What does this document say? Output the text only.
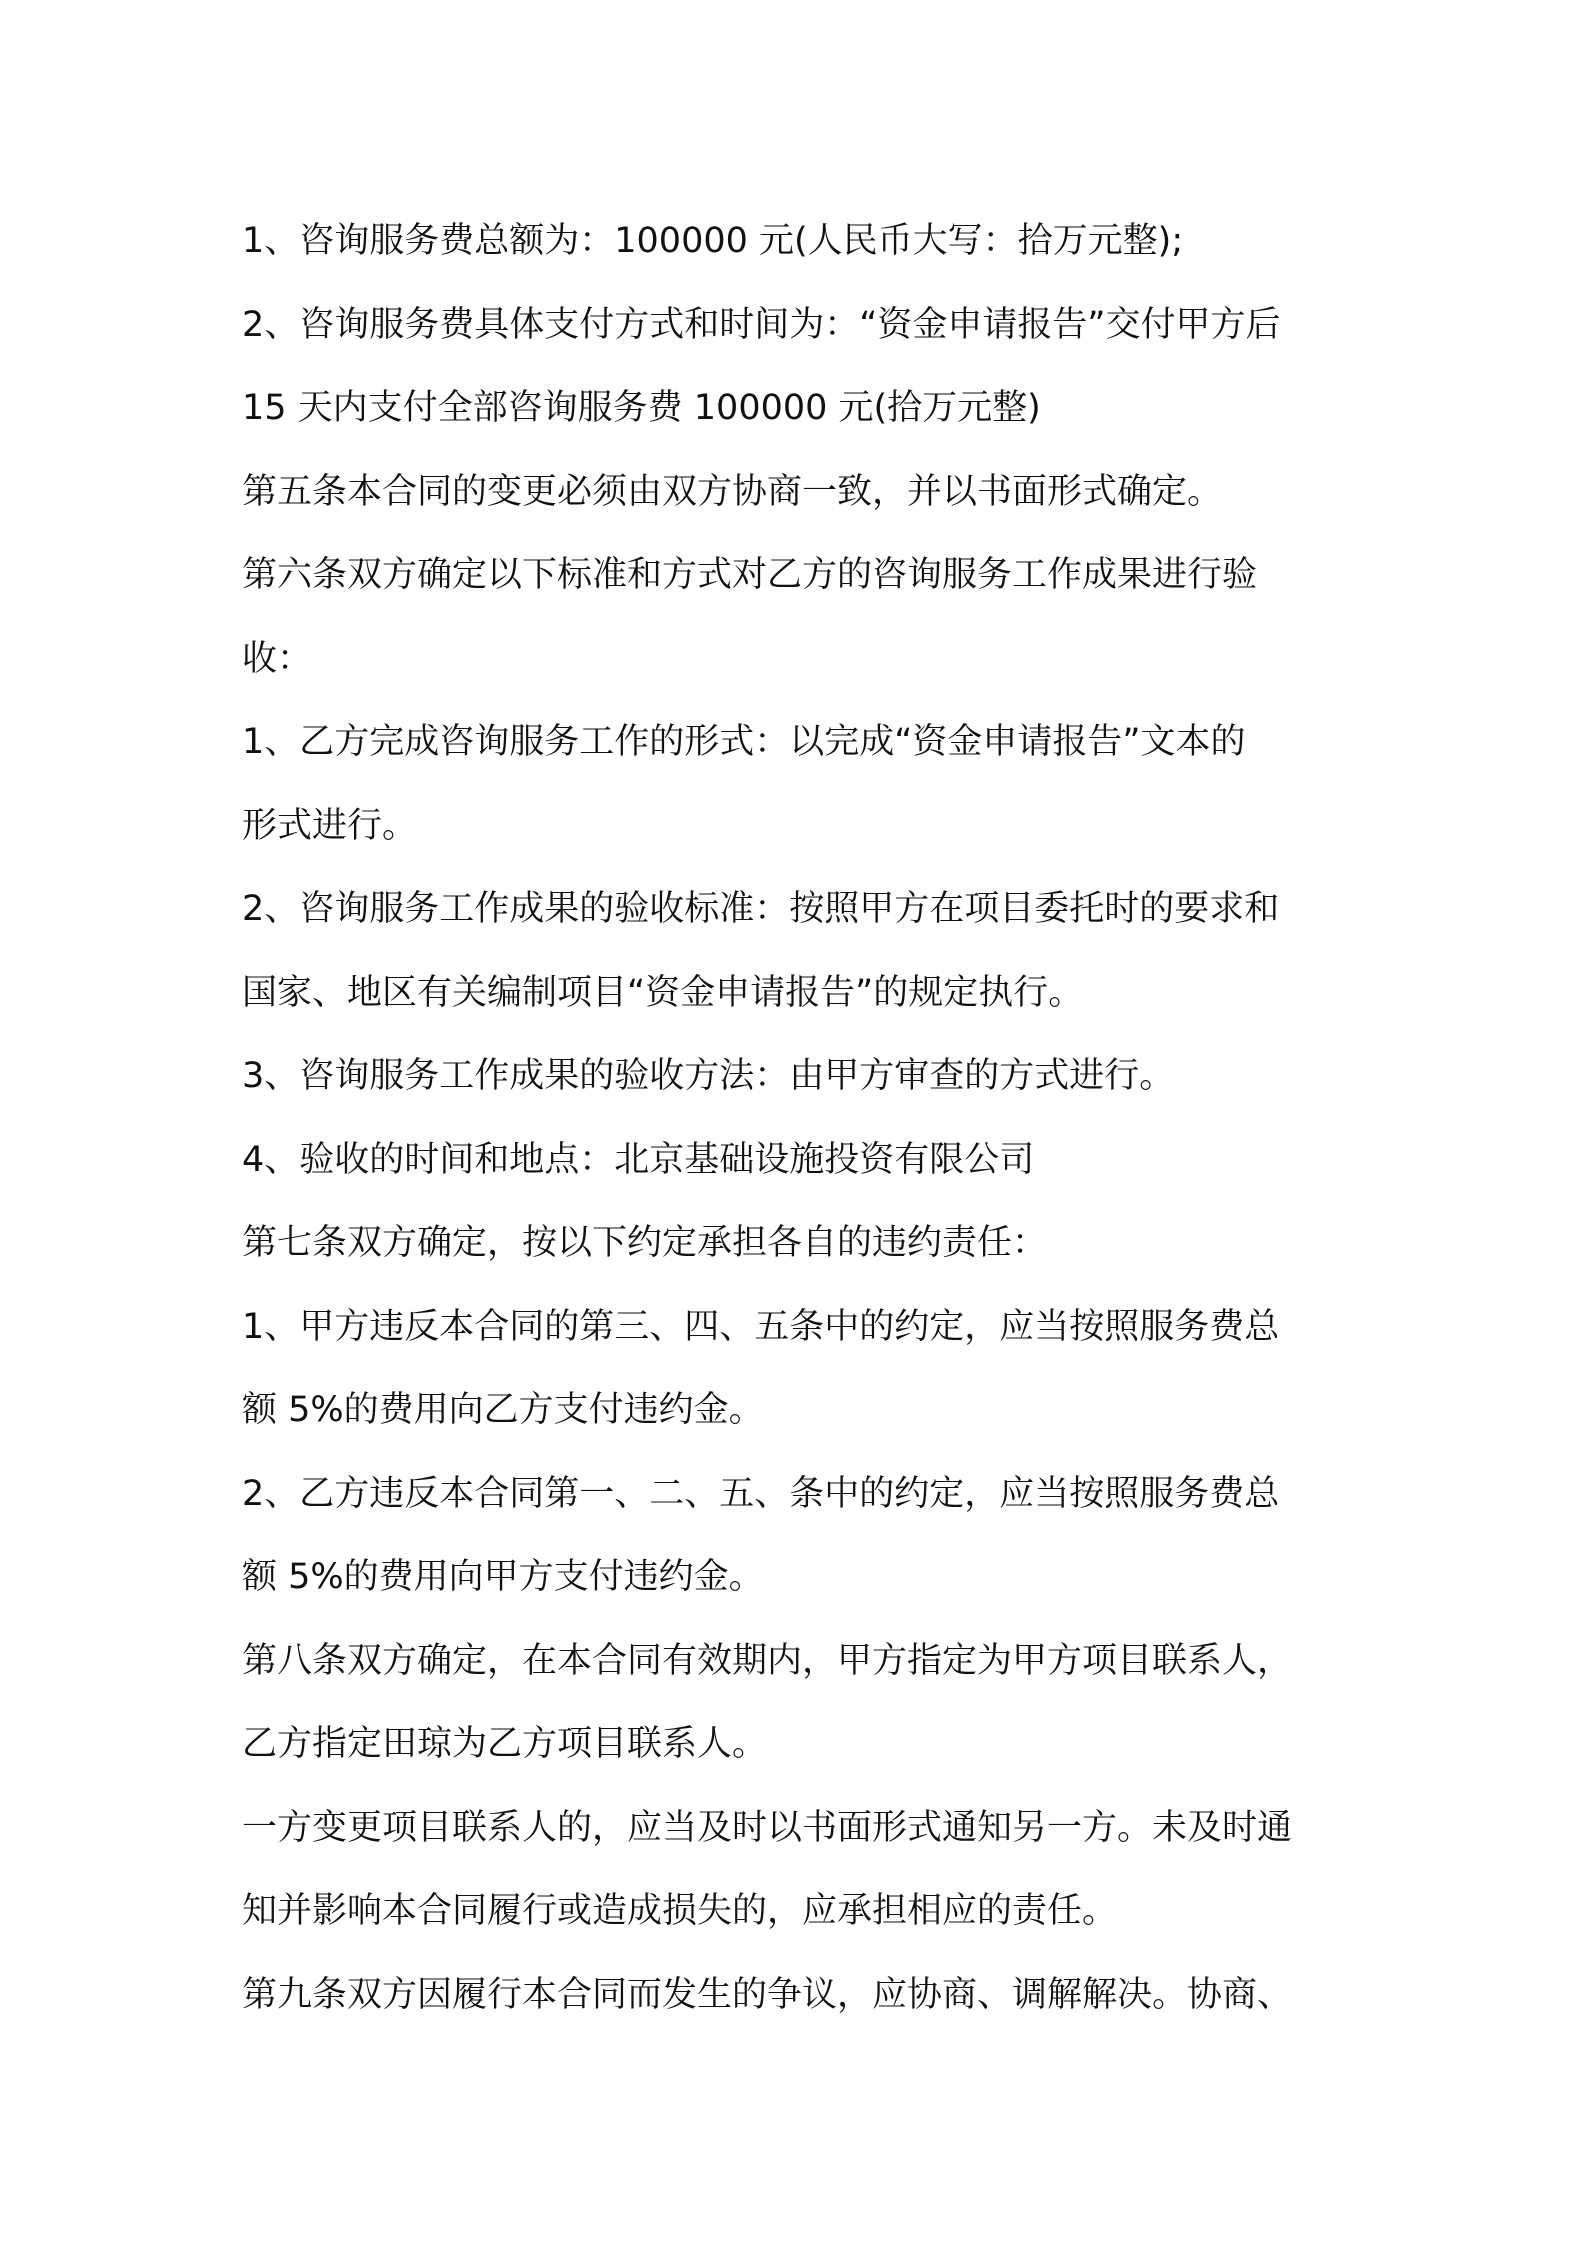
1、咨询服务费总额为：100000 元(人民币大写：拾万元整);

2、咨询服务费具体支付方式和时间为：“资金申请报告”交付甲方后

15 天内支付全部咨询服务费 100000 元(拾万元整)

第五条本合同的变更必须由双方协商一致，并以书面形式确定。

第六条双方确定以下标准和方式对乙方的咨询服务工作成果进行验

收：

1、乙方完成咨询服务工作的形式：以完成“资金申请报告”文本的

形式进行。

2、咨询服务工作成果的验收标准：按照甲方在项目委托时的要求和

国家、地区有关编制项目“资金申请报告”的规定执行。

3、咨询服务工作成果的验收方法：由甲方审查的方式进行。

4、验收的时间和地点：北京基础设施投资有限公司

第七条双方确定，按以下约定承担各自的违约责任：

1、甲方违反本合同的第三、四、五条中的约定，应当按照服务费总

额 5%的费用向乙方支付违约金。

2、乙方违反本合同第一、二、五、条中的约定，应当按照服务费总

额 5%的费用向甲方支付违约金。

第八条双方确定，在本合同有效期内，甲方指定为甲方项目联系人，

乙方指定田琼为乙方项目联系人。

一方变更项目联系人的，应当及时以书面形式通知另一方。未及时通

知并影响本合同履行或造成损失的，应承担相应的责任。

第九条双方因履行本合同而发生的争议，应协商、调解解决。协商、
